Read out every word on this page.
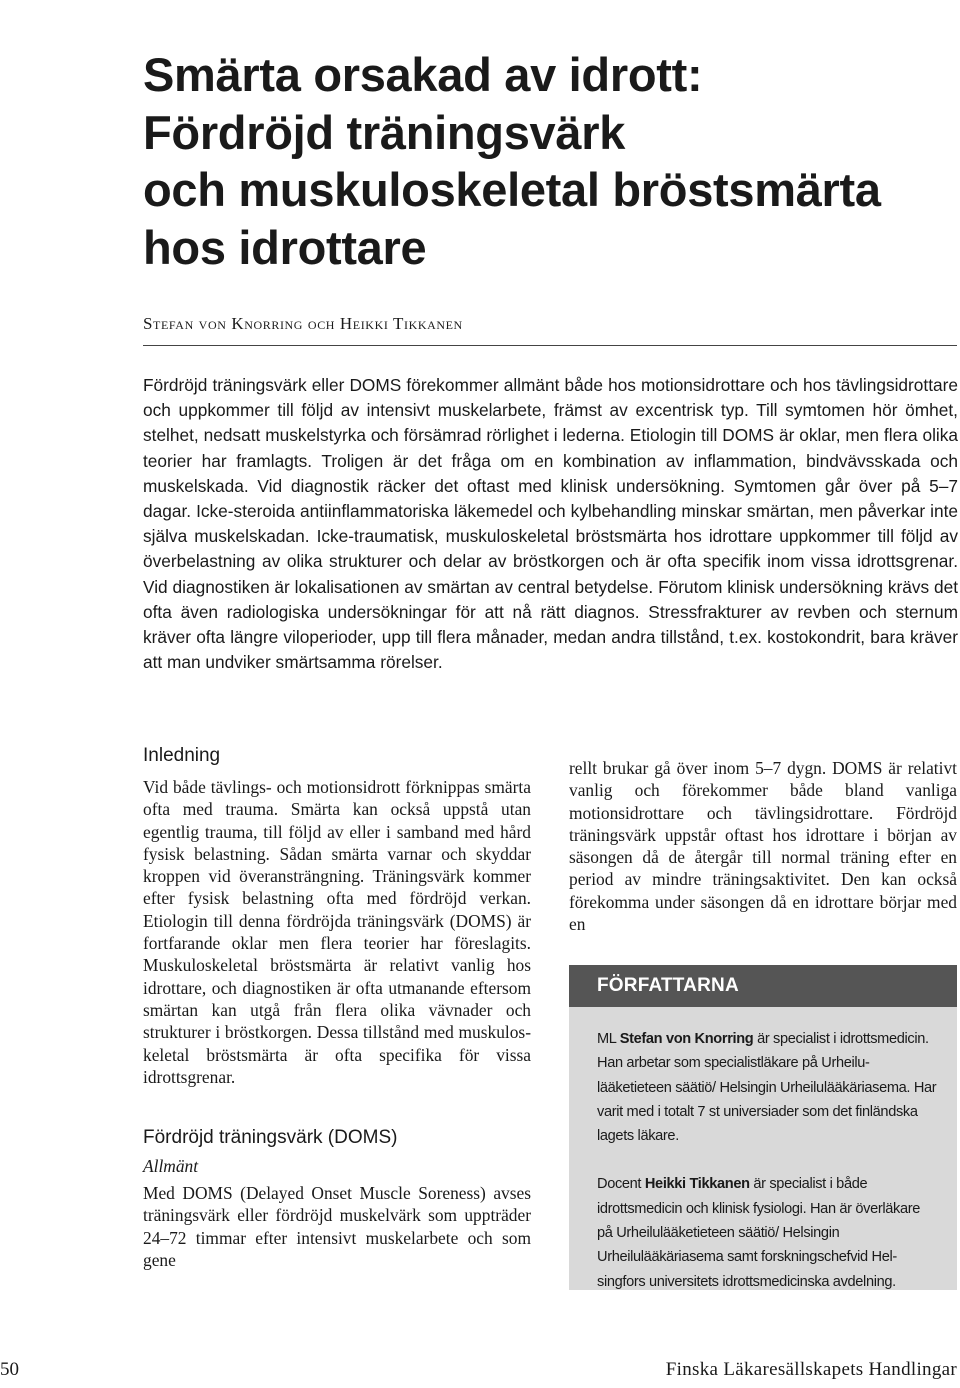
Smärta orsakad av idrott:
Fördröjd träningsvärk
och muskuloskeletal bröstsmärta
hos idrottare
Stefan von Knorring och Heikki Tikkanen

Fördröjd träningsvärk eller DOMS förekommer allmänt både hos motionsidrottare och hos tävlingsidrottare och uppkommer till följd av intensivt muskelarbete, främst av excentrisk typ. Till symtomen hör ömhet, stelhet, nedsatt muskelstyrka och försämrad rörlighet i lederna. Etiologin till DOMS är oklar, men flera olika teorier har framlagts. Troligen är det fråga om en kombination av inflammation, bindvävsskada och muskelskada. Vid diagnostik räcker det oftast med klinisk undersökning. Symtomen går över på 5–7 dagar. Icke-steroida antiinflammatoriska läkemedel och kylbehandling minskar smärtan, men påverkar inte själva muskelskadan. Icke-traumatisk, muskuloskeletal bröstsmärta hos idrottare uppkommer till följd av överbelastning av olika strukturer och delar av bröstkorgen och är ofta specifik inom vissa idrottsgrenar. Vid diagnostiken är lokalisationen av smärtan av central betydelse. Förutom klinisk undersökning krävs det ofta även radiologiska undersökningar för att nå rätt diagnos. Stressfrakturer av revben och sternum kräver ofta längre viloperioder, upp till flera månader, medan andra tillstånd, t.ex. kostokondrit, bara kräver att man undviker smärtsamma rörelser.

Inledning

Vid både tävlings- och motionsidrott förknippas smärta ofta med trauma. Smärta kan också uppstå utan egentlig trauma, till följd av eller i samband med hård fysisk belastning. Sådan smärta varnar och skyddar kroppen vid överansträngning. Träningsvärk kommer efter fysisk belastning ofta med fördröjd verkan. Etiologin till denna fördröjda träningsvärk (DOMS) är fortfarande oklar men flera teorier har föreslagits. Muskuloskeletal bröstsmärta är relativt vanlig hos idrottare, och diagnostiken är ofta utmanande eftersom smärtan kan utgå från flera olika vävnader och strukturer i bröstkorgen. Dessa tillstånd med muskuloskeletal bröstsmärta är ofta specifika för vissa idrottsgrenar.

Fördröjd träningsvärk (DOMS)

Allmänt

Med DOMS (Delayed Onset Muscle Soreness) avses träningsvärk eller fördröjd muskelvärk som uppträder 24–72 timmar efter intensivt muskelarbete och som gene

rellt brukar gå över inom 5–7 dygn. DOMS är relativt vanlig och förekommer både bland vanliga motionsidrottare och tävlingsidrottare. Fördröjd träningsvärk uppstår oftast hos idrottare i början av säsongen då de återgår till normal träning efter en period av mindre träningsaktivitet. Den kan också förekomma under säsongen då en idrottare börjar med en

FÖRFATTARNA

ML Stefan von Knorring är specialist i idrottsmedicin. Han arbetar som specialistläkare på Urheilulääketieteen säätiö/ Helsingin Urheilulääkäriasema. Har varit med i totalt 7 st universiader som det finländska lagets läkare.

Docent Heikki Tikkanen är specialist i både idrottsmedicin och klinisk fysiologi. Han är överläkare på Urheilulääketieteen säätiö/ Helsingin Urheilulääkäriasema samt forskningschefvid Helsingfors universitets idrottsmedicinska avdelning.

50	Finska Läkaresällskapets Handlingar
